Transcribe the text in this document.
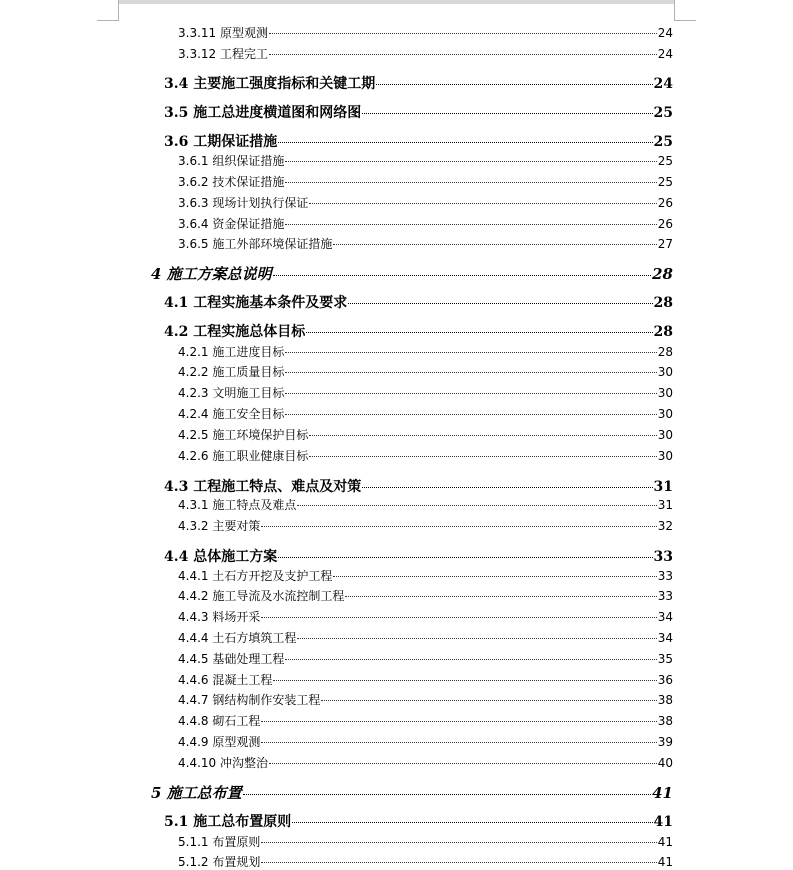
3.3.11 原型观测	24
3.3.12 工程完工	24
3.4 主要施工强度指标和关键工期	24
3.5 施工总进度横道图和网络图	25
3.6 工期保证措施	25
3.6.1 组织保证措施	25
3.6.2 技术保证措施	25
3.6.3 现场计划执行保证	26
3.6.4 资金保证措施	26
3.6.5 施工外部环境保证措施	27
4 施工方案总说明	28
4.1 工程实施基本条件及要求	28
4.2 工程实施总体目标	28
4.2.1 施工进度目标	28
4.2.2 施工质量目标	30
4.2.3 文明施工目标	30
4.2.4 施工安全目标	30
4.2.5 施工环境保护目标	30
4.2.6 施工职业健康目标	30
4.3 工程施工特点、难点及对策	31
4.3.1 施工特点及难点	31
4.3.2 主要对策	32
4.4 总体施工方案	33
4.4.1 土石方开挖及支护工程	33
4.4.2 施工导流及水流控制工程	33
4.4.3 料场开采	34
4.4.4 土石方填筑工程	34
4.4.5 基础处理工程	35
4.4.6 混凝土工程	36
4.4.7 钢结构制作安装工程	38
4.4.8 砌石工程	38
4.4.9 原型观测	39
4.4.10 冲沟整治	40
5 施工总布置	41
5.1 施工总布置原则	41
5.1.1 布置原则	41
5.1.2 布置规划	41
